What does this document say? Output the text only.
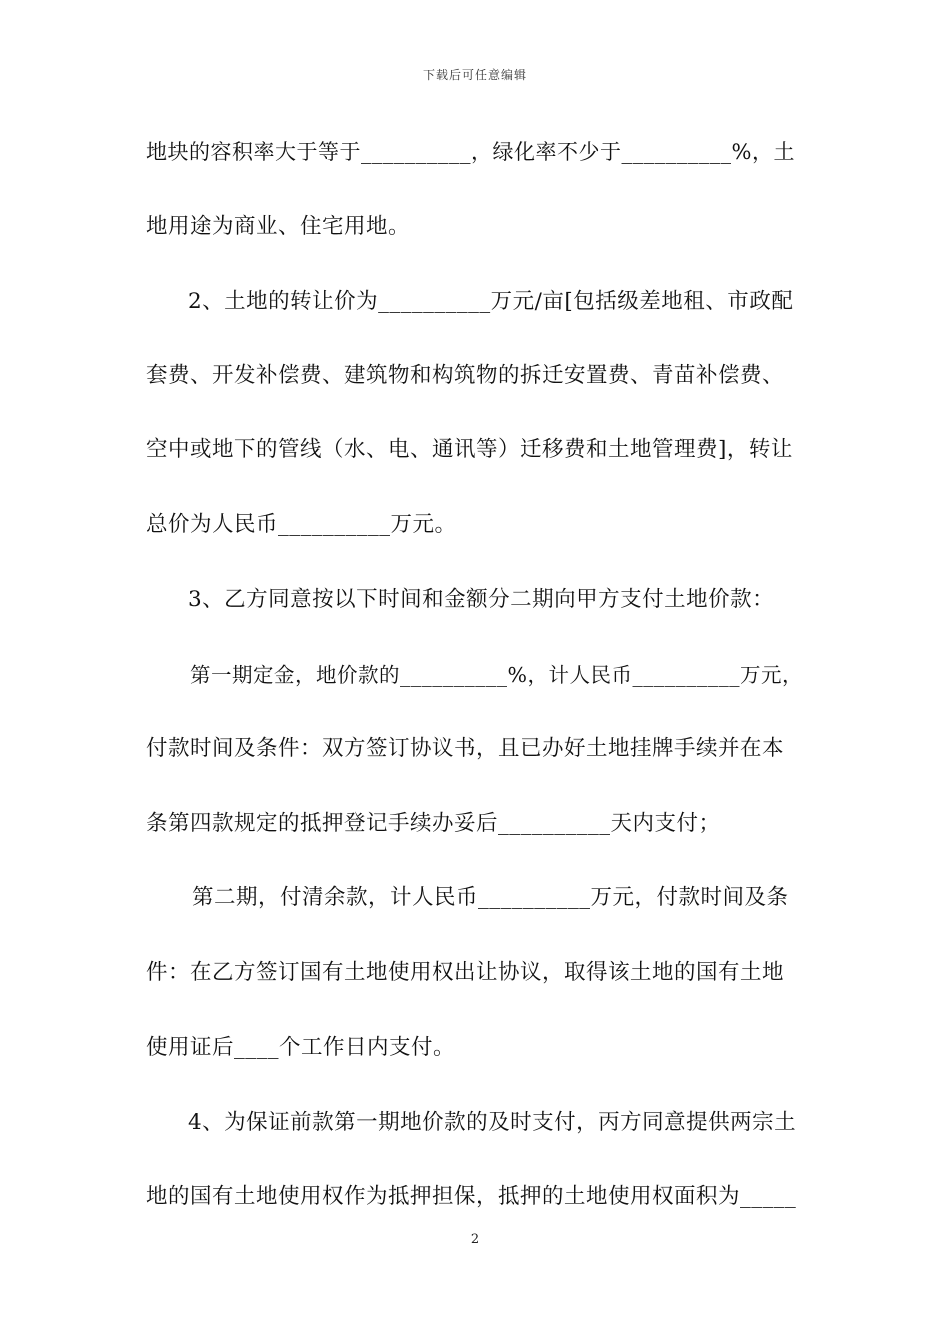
下载后可任意编辑
地块的容积率大于等于__________，绿化率不少于__________%，土
地用途为商业、住宅用地。
2、土地的转让价为__________万元/亩[包括级差地租、市政配
套费、开发补偿费、建筑物和构筑物的拆迁安置费、青苗补偿费、
空中或地下的管线（水、电、通讯等）迁移费和土地管理费]，转让
总价为人民币__________万元。
3、乙方同意按以下时间和金额分二期向甲方支付土地价款：
第一期定金，地价款的__________%，计人民币__________万元，
付款时间及条件：双方签订协议书，且已办好土地挂牌手续并在本
条第四款规定的抵押登记手续办妥后__________天内支付；
第二期，付清余款，计人民币__________万元，付款时间及条
件：在乙方签订国有土地使用权出让协议，取得该土地的国有土地
使用证后____个工作日内支付。
4、为保证前款第一期地价款的及时支付，丙方同意提供两宗土
地的国有土地使用权作为抵押担保，抵押的土地使用权面积为_____
2
